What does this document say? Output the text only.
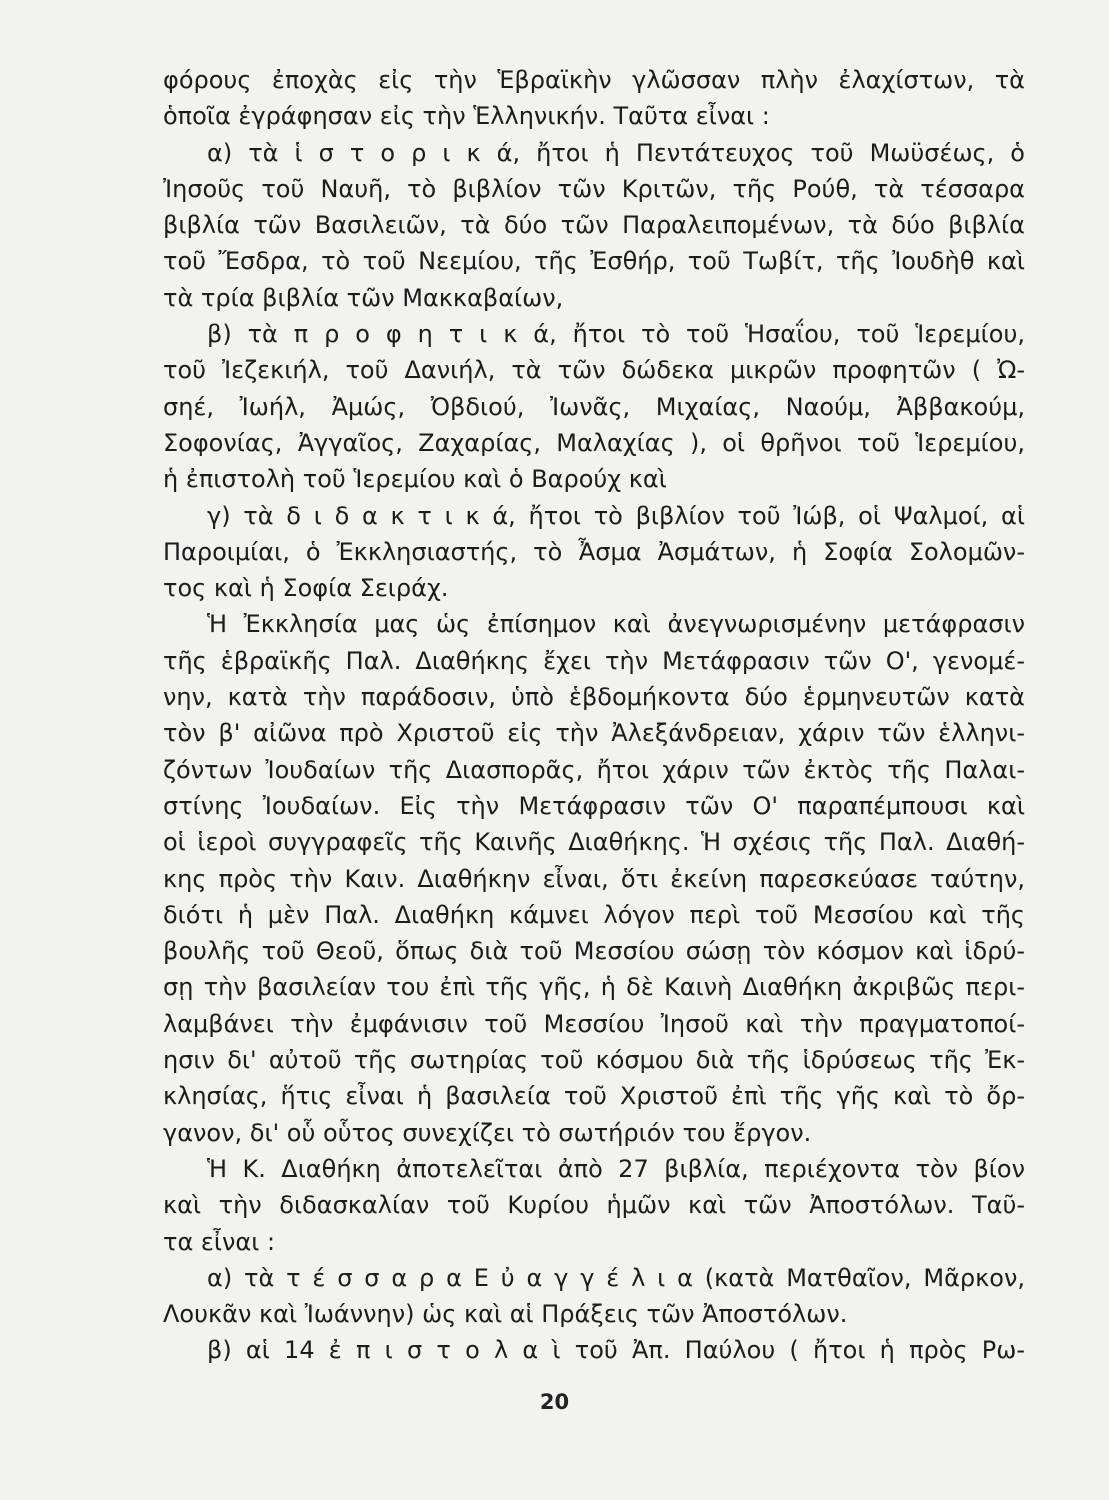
φόρους ἐποχὰς εἰς τὴν Ἑβραϊκὴν γλῶσσαν πλὴν ἐλαχίστων, τὰ
ὁποῖα ἐγράφησαν εἰς τὴν Ἑλληνικήν. Ταῦτα εἶναι :
α) τὰ ἱ σ τ ο ρ ι κ ά, ἤτοι ἡ Πεντάτευχος τοῦ Μωϋσέως, ὁ
Ἰησοῦς τοῦ Ναυῆ, τὸ βιβλίον τῶν Κριτῶν, τῆς Ρούθ, τὰ τέσσαρα
βιβλία τῶν Βασιλειῶν, τὰ δύο τῶν Παραλειπομένων, τὰ δύο βιβλία
τοῦ Ἔσδρα, τὸ τοῦ Νεεμίου, τῆς Ἐσθήρ, τοῦ Τωβίτ, τῆς Ἰουδὴθ καὶ
τὰ τρία βιβλία τῶν Μακκαβαίων,
β) τὰ π ρ ο φ η τ ι κ ά, ἤτοι τὸ τοῦ Ἡσαΐου, τοῦ Ἱερεμίου,
τοῦ Ἰεζεκιήλ, τοῦ Δανιήλ, τὰ τῶν δώδεκα μικρῶν προφητῶν ( Ὠ-
σηέ, Ἰωήλ, Ἀμώς, Ὀβδιού, Ἰωνᾶς, Μιχαίας, Ναούμ, Ἀββακούμ,
Σοφονίας, Ἀγγαῖος, Ζαχαρίας, Μαλαχίας ), οἱ θρῆνοι τοῦ Ἱερεμίου,
ἡ ἐπιστολὴ τοῦ Ἱερεμίου καὶ ὁ Βαρούχ καὶ
γ) τὰ δ ι δ α κ τ ι κ ά, ἤτοι τὸ βιβλίον τοῦ Ἰώβ, οἱ Ψαλμοί, αἱ
Παροιμίαι, ὁ Ἐκκλησιαστής, τὸ Ἆσμα Ἀσμάτων, ἡ Σοφία Σολομῶν-
τος καὶ ἡ Σοφία Σειράχ.
Ἡ Ἐκκλησία μας ὡς ἐπίσημον καὶ ἀνεγνωρισμένην μετάφρασιν
τῆς ἑβραϊκῆς Παλ. Διαθήκης ἔχει τὴν Μετάφρασιν τῶν Ο', γενομέ-
νην, κατὰ τὴν παράδοσιν, ὑπὸ ἑβδομήκοντα δύο ἑρμηνευτῶν κατὰ
τὸν β' αἰῶνα πρὸ Χριστοῦ εἰς τὴν Ἀλεξάνδρειαν, χάριν τῶν ἑλληνι-
ζόντων Ἰουδαίων τῆς Διασπορᾶς, ἤτοι χάριν τῶν ἐκτὸς τῆς Παλαι-
στίνης Ἰουδαίων. Εἰς τὴν Μετάφρασιν τῶν Ο' παραπέμπουσι καὶ
οἱ ἱεροὶ συγγραφεῖς τῆς Καινῆς Διαθήκης. Ἡ σχέσις τῆς Παλ. Διαθή-
κης πρὸς τὴν Καιν. Διαθήκην εἶναι, ὅτι ἐκείνη παρεσκεύασε ταύτην,
διότι ἡ μὲν Παλ. Διαθήκη κάμνει λόγον περὶ τοῦ Μεσσίου καὶ τῆς
βουλῆς τοῦ Θεοῦ, ὅπως διὰ τοῦ Μεσσίου σώσῃ τὸν κόσμον καὶ ἱδρύ-
σῃ τὴν βασιλείαν του ἐπὶ τῆς γῆς, ἡ δὲ Καινὴ Διαθήκη ἀκριβῶς περι-
λαμβάνει τὴν ἐμφάνισιν τοῦ Μεσσίου Ἰησοῦ καὶ τὴν πραγματοποί-
ησιν δι' αὐτοῦ τῆς σωτηρίας τοῦ κόσμου διὰ τῆς ἱδρύσεως τῆς Ἐκ-
κλησίας, ἥτις εἶναι ἡ βασιλεία τοῦ Χριστοῦ ἐπὶ τῆς γῆς καὶ τὸ ὄρ-
γανον, δι' οὗ οὗτος συνεχίζει τὸ σωτήριόν του ἔργον.
Ἡ Κ. Διαθήκη ἀποτελεῖται ἀπὸ 27 βιβλία, περιέχοντα τὸν βίον
καὶ τὴν διδασκαλίαν τοῦ Κυρίου ἡμῶν καὶ τῶν Ἀποστόλων. Ταῦ-
τα εἶναι :
α) τὰ τ έ σ σ α ρ α Ε ὐ α γ γ έ λ ι α (κατὰ Ματθαῖον, Μᾶρκον,
Λουκᾶν καὶ Ἰωάννην) ὡς καὶ αἱ Πράξεις τῶν Ἀποστόλων.
β) αἱ 14 ἐ π ι σ τ ο λ α ὶ τοῦ Ἀπ. Παύλου ( ἤτοι ἡ πρὸς Ρω-
20
